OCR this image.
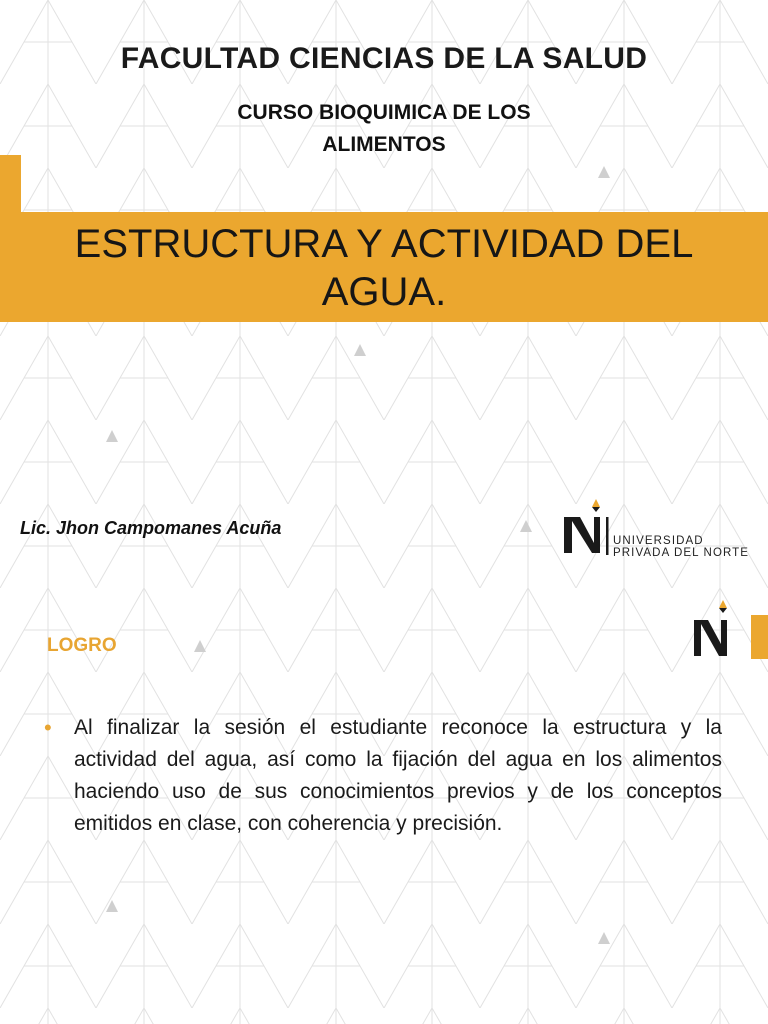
FACULTAD CIENCIAS DE LA SALUD
CURSO BIOQUIMICA DE LOS
ALIMENTOS
ESTRUCTURA Y ACTIVIDAD DEL
AGUA.
Lic. Jhon Campomanes Acuña
UNIVERSIDAD
PRIVADA DEL NORTE
LOGRO
• Al finalizar la sesión el estudiante reconoce la estructura y la actividad del agua, así como la fijación del agua en los alimentos haciendo uso de sus conocimientos previos y de los conceptos emitidos en clase, con coherencia y precisión.
